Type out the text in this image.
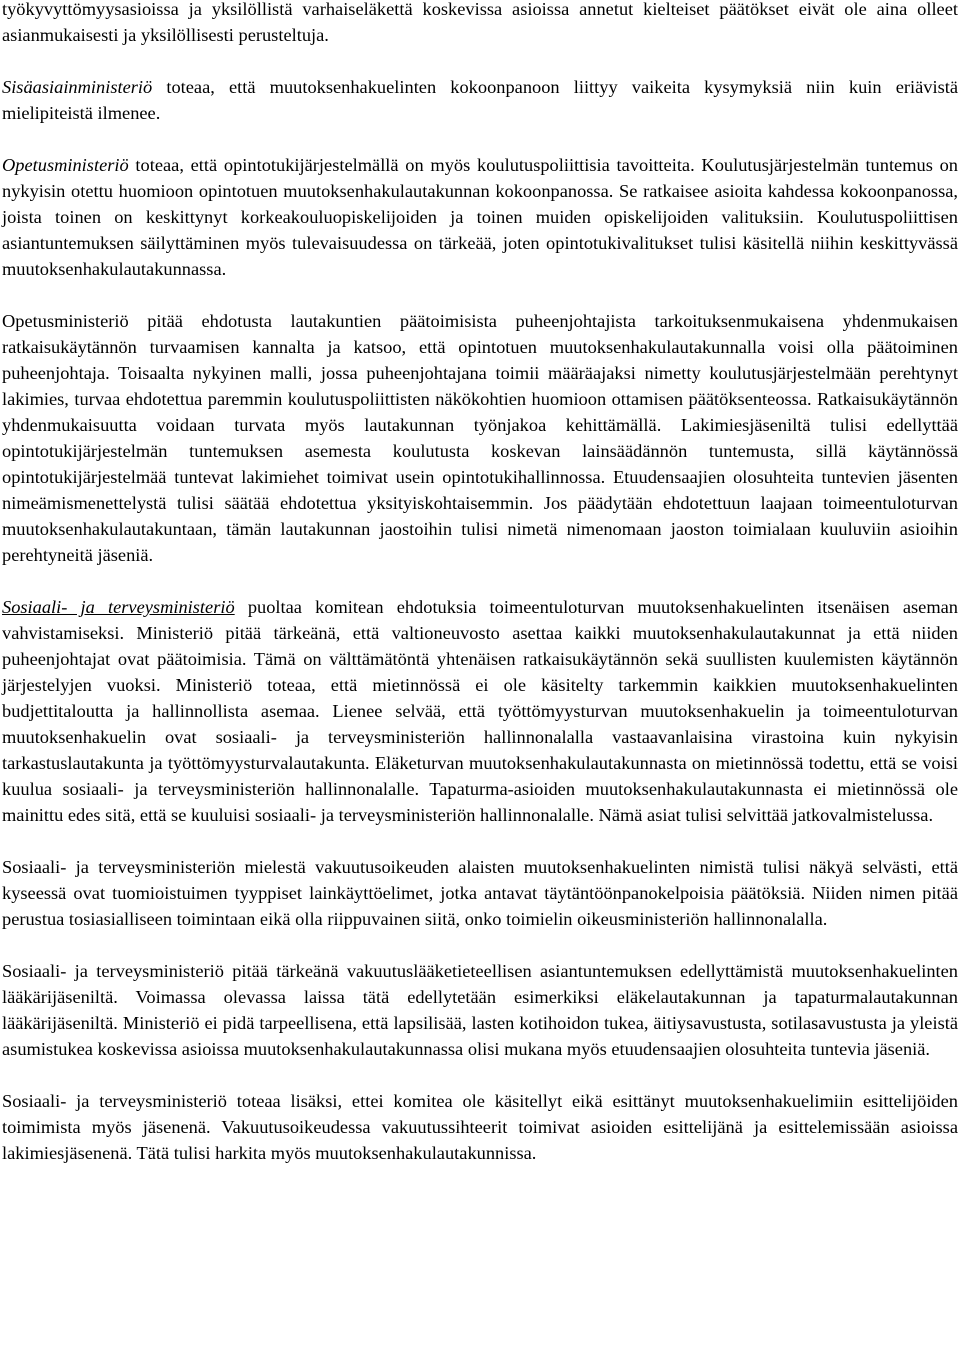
työkyvyttömyysasioissa ja yksilöllistä varhaiseläkettä koskevissa asioissa annetut kielteiset päätökset eivät ole aina olleet asianmukaisesti ja yksilöllisesti perusteltuja.

Sisäasiainministeriö toteaa, että muutoksenhakuelinten kokoonpanoon liittyy vaikeita kysymyksiä niin kuin eriävistä mielipiteistä ilmenee.

Opetusministeriö toteaa, että opintotukijärjestelmällä on myös koulutuspoliittisia tavoitteita. Koulutusjärjestelmän tuntemus on nykyisin otettu huomioon opintotuen muutoksenhakulautakunnan kokoonpanossa. Se ratkaisee asioita kahdessa kokoonpanossa, joista toinen on keskittynyt korkeakouluopiskelijoiden ja toinen muiden opiskelijoiden valituksiin. Koulutuspoliittisen asiantuntemuksen säilyttäminen myös tulevaisuudessa on tärkeää, joten opintotukivalitukset tulisi käsitellä niihin keskittyvässä muutoksenhakulautakunnassa.

Opetusministeriö pitää ehdotusta lautakuntien päätoimisista puheenjohtajista tarkoituksenmukaisena yhdenmukaisen ratkaisukäytännön turvaamisen kannalta ja katsoo, että opintotuen muutoksenhakulautakunnalla voisi olla päätoiminen puheenjohtaja. Toisaalta nykyinen malli, jossa puheenjohtajana toimii määräajaksi nimetty koulutusjärjestelmään perehtynyt lakimies, turvaa ehdotettua paremmin koulutuspoliittisten näkökohtien huomioon ottamisen päätöksenteossa. Ratkaisukäytännön yhdenmukaisuutta voidaan turvata myös lautakunnan työnjakoa kehittämällä. Lakimiesjäseniltä tulisi edellyttää opintotukijärjestelmän tuntemuksen asemesta koulutusta koskevan lainsäädännön tuntemusta, sillä käytännössä opintotukijärjestelmää tuntevat lakimiehet toimivat usein opintotukihallinnossa. Etuudensaajien olosuhteita tuntevien jäsenten nimeämismenettelystä tulisi säätää ehdotettua yksityiskohtaisemmin. Jos päädytään ehdotettuun laajaan toimeentuloturvan muutoksenhakulautakuntaan, tämän lautakunnan jaostoihin tulisi nimetä nimenomaan jaoston toimialaan kuuluviin asioihin perehtyneitä jäseniä.

Sosiaali- ja terveysministeriö puoltaa komitean ehdotuksia toimeentuloturvan muutoksenhakuelinten itsenäisen aseman vahvistamiseksi. Ministeriö pitää tärkeänä, että valtioneuvosto asettaa kaikki muutoksenhakulautakunnat ja että niiden puheenjohtajat ovat päätoimisia. Tämä on välttämätöntä yhtenäisen ratkaisukäytännön sekä suullisten kuulemisten käytännön järjestelyjen vuoksi. Ministeriö toteaa, että mietinnössä ei ole käsitelty tarkemmin kaikkien muutoksenhakuelinten budjettitaloutta ja hallinnollista asemaa. Lienee selvää, että työttömyysturvan muutoksenhakuelin ja toimeentuloturvan muutoksenhakuelin ovat sosiaali- ja terveysministeriön hallinnonalalla vastaavanlaisina virastoina kuin nykyisin tarkastuslautakunta ja työttömyysturvalautakunta. Eläketurvan muutoksenhakulautakunnasta on mietinnössä todettu, että se voisi kuulua sosiaali- ja terveysministeriön hallinnonalalle. Tapaturma-asioiden muutoksenhakulautakunnasta ei mietinnössä ole mainittu edes sitä, että se kuuluisi sosiaali- ja terveysministeriön hallinnonalalle. Nämä asiat tulisi selvittää jatkovalmistelussa.

Sosiaali- ja terveysministeriön mielestä vakuutusoikeuden alaisten muutoksenhakuelinten nimistä tulisi näkyä selvästi, että kyseessä ovat tuomioistuimen tyyppiset lainkäyttöelimet, jotka antavat täytäntöönpanokelpoisia päätöksiä. Niiden nimen pitää perustua tosiasialliseen toimintaan eikä olla riippuvainen siitä, onko toimielin oikeusministeriön hallinnonalalla.

Sosiaali- ja terveysministeriö pitää tärkeänä vakuutuslääketieteellisen asiantuntemuksen edellyttämistä muutoksenhakuelinten lääkärijäseniltä. Voimassa olevassa laissa tätä edellytetään esimerkiksi eläkelautakunnan ja tapaturmalautakunnan lääkärijäseniltä. Ministeriö ei pidä tarpeellisena, että lapsilisää, lasten kotihoidon tukea, äitiysavustusta, sotilasavustusta ja yleistä asumistukea koskevissa asioissa muutoksenhakulautakunnassa olisi mukana myös etuudensaajien olosuhteita tuntevia jäseniä.

Sosiaali- ja terveysministeriö toteaa lisäksi, ettei komitea ole käsitellyt eikä esittänyt muutoksenhakuelimiin esittelijöiden toimimista myös jäsenenä. Vakuutusoikeudessa vakuutussihteerit toimivat asioiden esittelijänä ja esittelemissään asioissa lakimiesjäsenenä. Tätä tulisi harkita myös muutoksenhakulautakunnissa.
